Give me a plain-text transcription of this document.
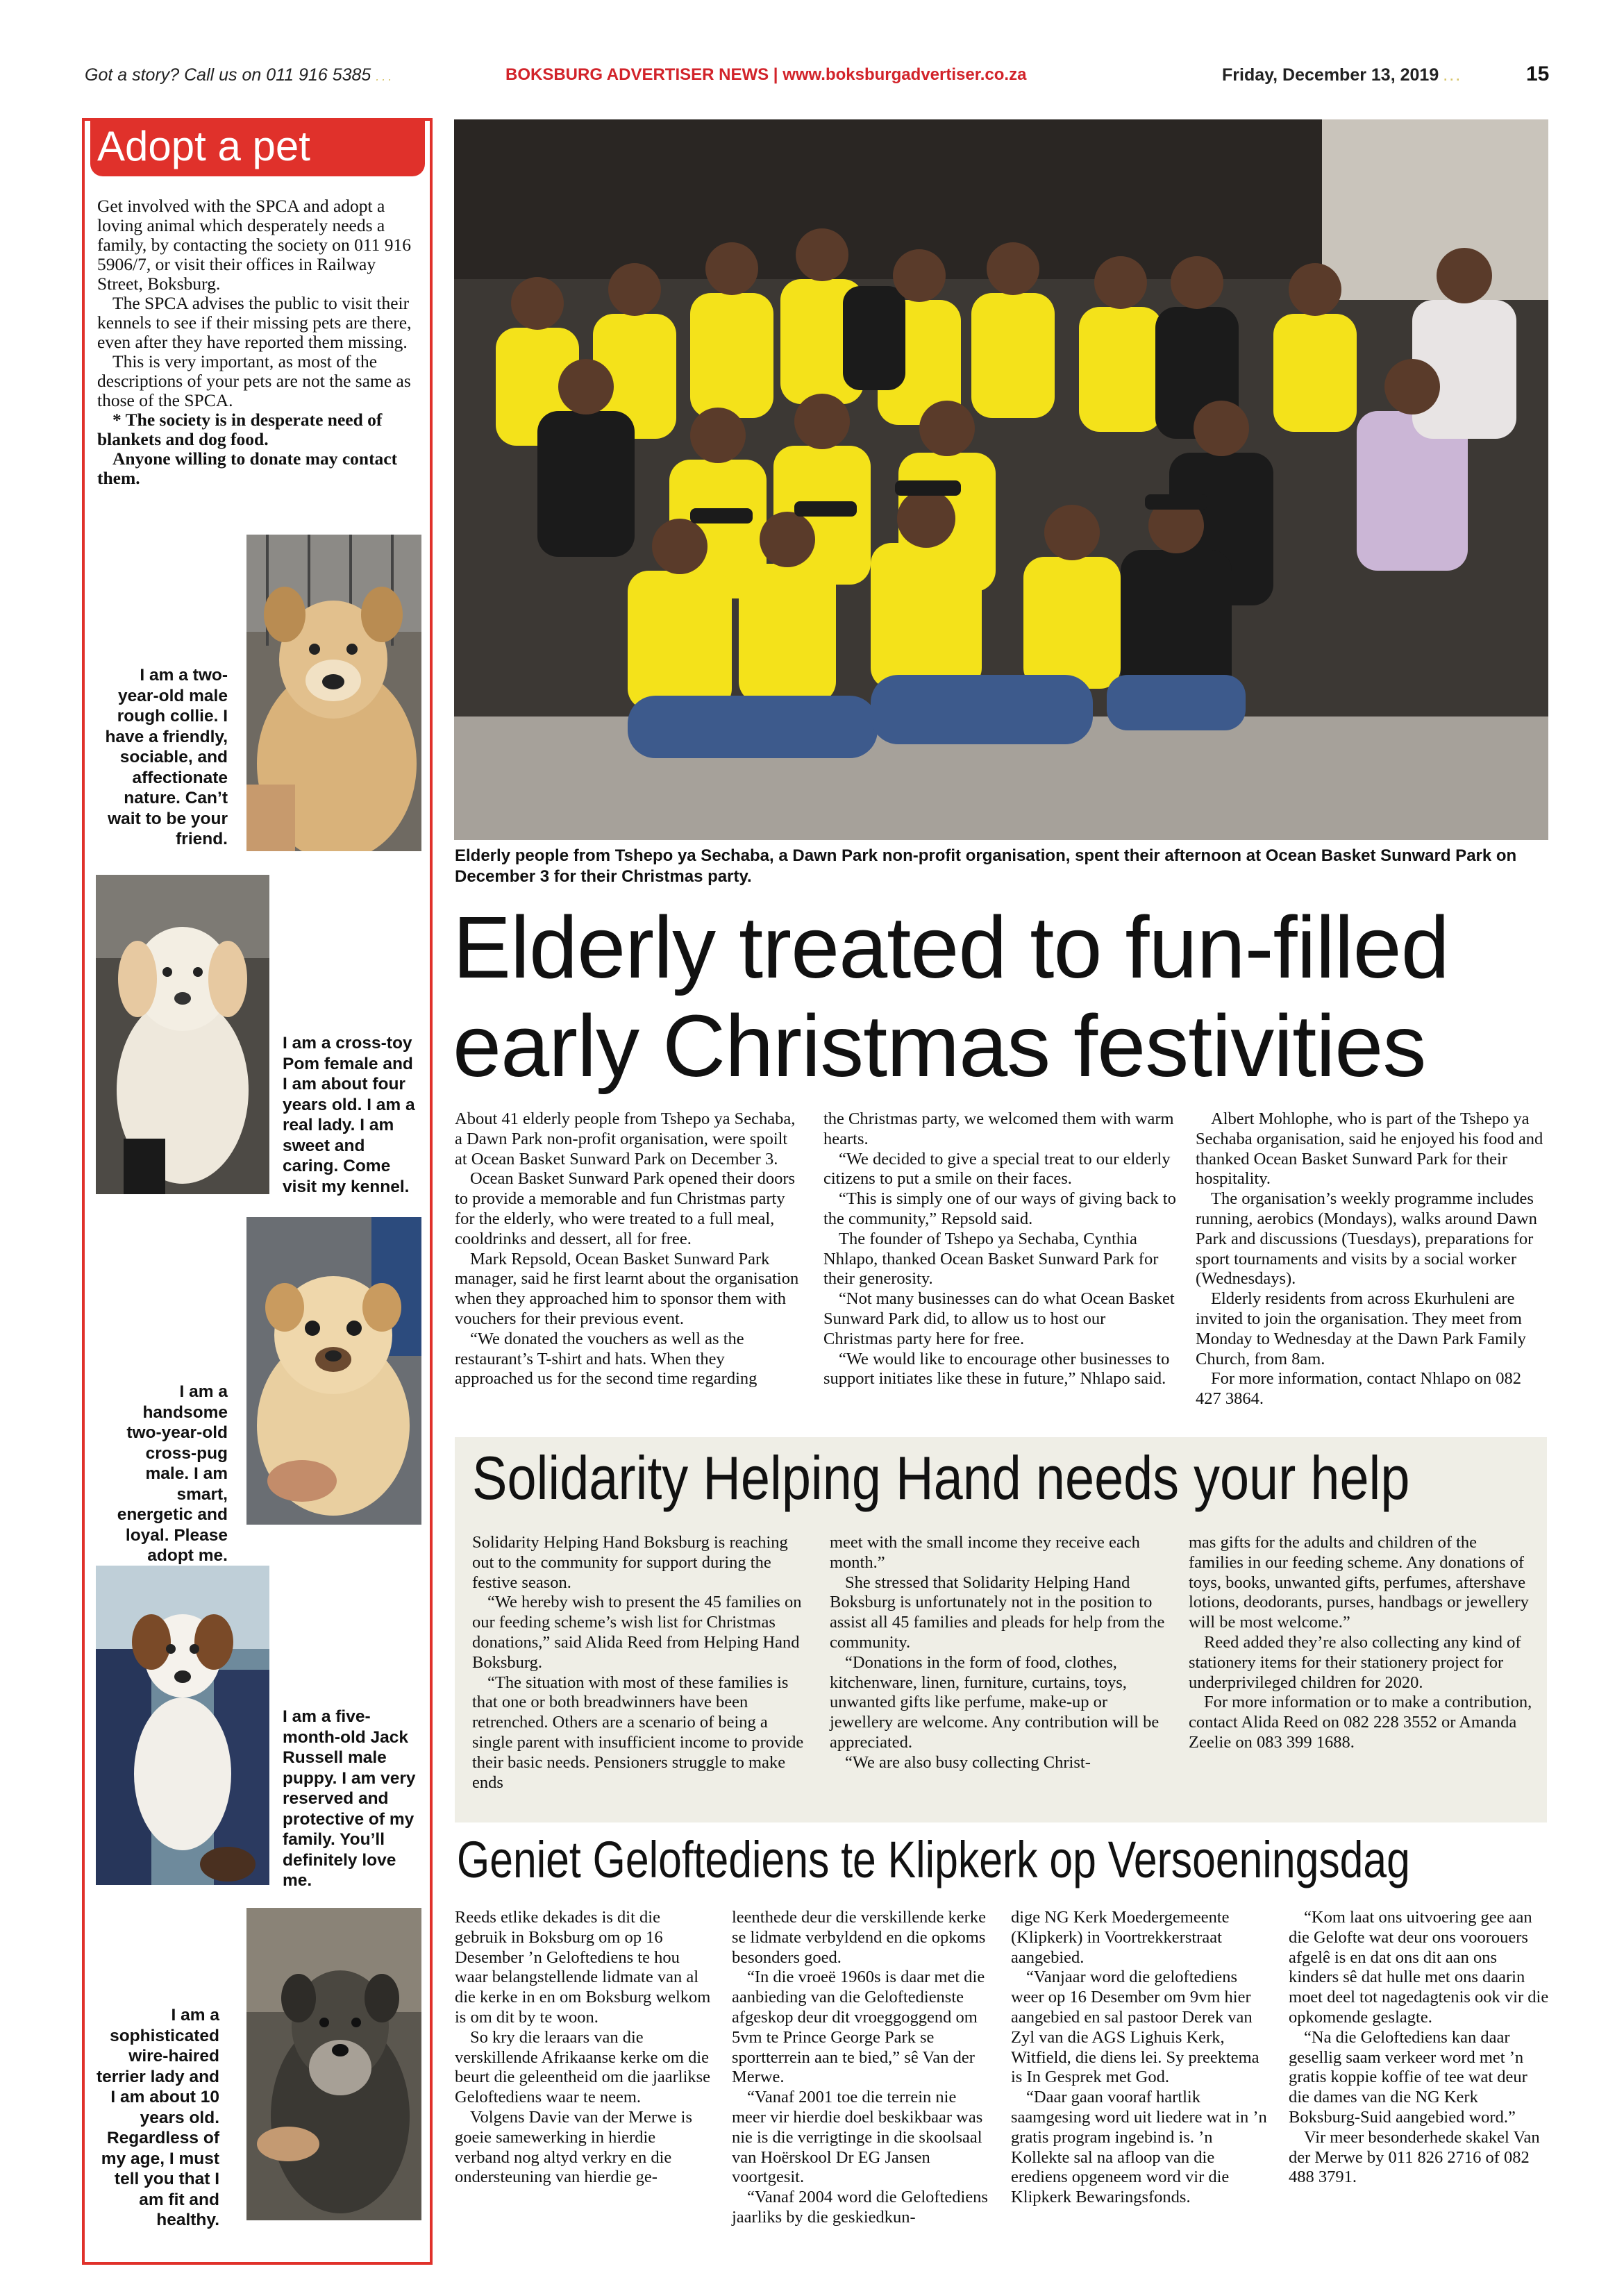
Got a story? Call us on 011 916 5385 ...	BOKSBURG ADVERTISER NEWS | www.boksburgadvertiser.co.za	Friday, December 13, 2019 ...	15
Adopt a pet

Get involved with the SPCA and adopt a loving animal which desperately needs a family, by contacting the society on 011 916 5906/7, or visit their offices in Railway Street, Boksburg.

The SPCA advises the public to visit their kennels to see if their missing pets are there, even after they have reported them missing.

This is very important, as most of the descriptions of your pets are not the same as those of the SPCA.

* The society is in desperate need of blankets and dog food.

Anyone willing to donate may contact them.

I am a two-year-old male rough collie. I have a friendly, sociable, and affectionate nature. Can’t wait to be your friend.
I am a cross-toy Pom female and I am about four years old. I am a real lady. I am sweet and caring. Come visit my kennel.
I am a handsome two-year-old cross-pug male. I am smart, energetic and loyal. Please adopt me.
I am a five-month-old Jack Russell male puppy. I am very reserved and protective of my family. You’ll definitely love me.
I am a sophisticated wire-haired terrier lady and I am about 10 years old. Regardless of my age, I must tell you that I am fit and healthy.
Elderly people from Tshepo ya Sechaba, a Dawn Park non-profit organisation, spent their afternoon at Ocean Basket Sunward Park on December 3 for their Christmas party.
Elderly treated to fun-filled
early Christmas festivities

About 41 elderly people from Tshepo ya Sechaba, a Dawn Park non-profit organisation, were spoilt at Ocean Basket Sunward Park on December 3.

Ocean Basket Sunward Park opened their doors to provide a memorable and fun Christmas party for the elderly, who were treated to a full meal, cooldrinks and dessert, all for free.

Mark Repsold, Ocean Basket Sunward Park manager, said he first learnt about the organisation when they approached him to sponsor them with vouchers for their previous event.

“We donated the vouchers as well as the restaurant’s T-shirt and hats. When they approached us for the second time regarding

the Christmas party, we welcomed them with warm hearts.

“We decided to give a special treat to our elderly citizens to put a smile on their faces.

“This is simply one of our ways of giving back to the community,” Repsold said.

The founder of Tshepo ya Sechaba, Cynthia Nhlapo, thanked Ocean Basket Sunward Park for their generosity.

“Not many businesses can do what Ocean Basket Sunward Park did, to allow us to host our Christmas party here for free.

“We would like to encourage other businesses to support initiates like these in future,” Nhlapo said.

Albert Mohlophe, who is part of the Tshepo ya Sechaba organisation, said he enjoyed his food and thanked Ocean Basket Sunward Park for their hospitality.

The organisation’s weekly programme includes running, aerobics (Mondays), walks around Dawn Park and discussions (Tuesdays), preparations for sport tournaments and visits by a social worker (Wednesdays).

Elderly residents from across Ekurhuleni are invited to join the organisation. They meet from Monday to Wednesday at the Dawn Park Family Church, from 8am.

For more information, contact Nhlapo on 082 427 3864.

Solidarity Helping Hand needs your help

Solidarity Helping Hand Boksburg is reaching out to the community for support during the festive season.

“We hereby wish to present the 45 families on our feeding scheme’s wish list for Christmas donations,” said Alida Reed from Helping Hand Boksburg.

“The situation with most of these families is that one or both breadwinners have been retrenched. Others are a scenario of being a single parent with insufficient income to provide their basic needs. Pensioners struggle to make ends

meet with the small income they receive each month.”

She stressed that Solidarity Helping Hand Boksburg is unfortunately not in the position to assist all 45 families and pleads for help from the community.

“Donations in the form of food, clothes, kitchenware, linen, furniture, curtains, toys, unwanted gifts like perfume, make-up or jewellery are welcome. Any contribution will be appreciated.

“We are also busy collecting Christ-

mas gifts for the adults and children of the families in our feeding scheme. Any donations of toys, books, unwanted gifts, perfumes, aftershave lotions, deodorants, purses, handbags or jewellery will be most welcome.”

Reed added they’re also collecting any kind of stationery items for their stationery project for underprivileged children for 2020.

For more information or to make a contribution, contact Alida Reed on 082 228 3552 or Amanda Zeelie on 083 399 1688.

Geniet Geloftediens te Klipkerk op Versoeningsdag

Reeds etlike dekades is dit die gebruik in Boksburg om op 16 Desember ’n Geloftediens te hou waar belangstellende lidmate van al die kerke in en om Boksburg welkom is om dit by te woon.

So kry die leraars van die verskillende Afrikaanse kerke om die beurt die geleentheid om die jaarlikse Geloftediens waar te neem.

Volgens Davie van der Merwe is goeie samewerking in hierdie verband nog altyd verkry en die ondersteuning van hierdie ge-

leenthede deur die verskillende kerke se lidmate verbyldend en die opkoms besonders goed.

“In die vroeë 1960s is daar met die aanbieding van die Geloftedienste afgeskop deur dit vroeggoggend om 5vm te Prince George Park se sportterrein aan te bied,” sê Van der Merwe.

“Vanaf 2001 toe die terrein nie meer vir hierdie doel beskikbaar was nie is die verrigtinge in die skoolsaal van Hoërskool Dr EG Jansen voortgesit.

“Vanaf 2004 word die Geloftediens jaarliks by die geskiedkun-

dige NG Kerk Moedergemeente (Klipkerk) in Voortrekkerstraat aangebied.

“Vanjaar word die geloftediens weer op 16 Desember om 9vm hier aangebied en sal pastoor Derek van Zyl van die AGS Lighuis Kerk, Witfield, die diens lei. Sy preektema is In Gesprek met God.

“Daar gaan vooraf hartlik saamgesing word uit liedere wat in ’n gratis program ingebind is. ’n Kollekte sal na afloop van die erediens opgeneem word vir die Klipkerk Bewaringsfonds.

“Kom laat ons uitvoering gee aan die Gelofte wat deur ons voorouers afgelê is en dat ons dit aan ons kinders sê dat hulle met ons daarin moet deel tot nagedagtenis ook vir die opkomende geslagte.

“Na die Geloftediens kan daar gesellig saam verkeer word met ’n gratis koppie koffie of tee wat deur die dames van die NG Kerk Boksburg-Suid aangebied word.”

Vir meer besonderhede skakel Van der Merwe by 011 826 2716 of 082 488 3791.
